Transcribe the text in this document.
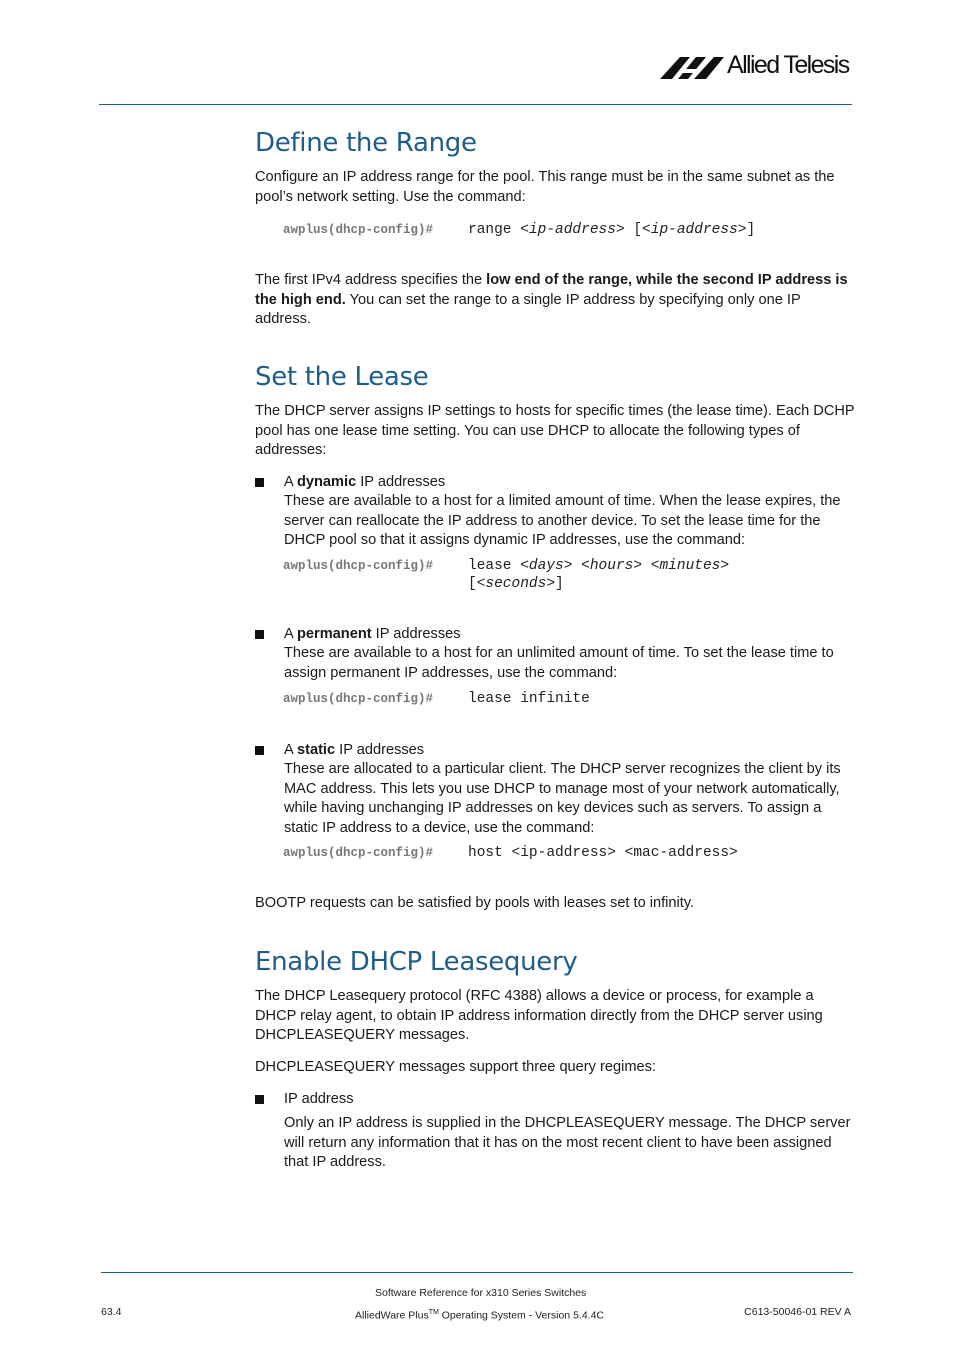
Allied Telesis
Define the Range

Configure an IP address range for the pool. This range must be in the same subnet as the pool’s network setting. Use the command:

awplus(dhcp-config)# range <ip-address> [<ip-address>]

The first IPv4 address specifies the low end of the range, while the second IP address is the high end. You can set the range to a single IP address by specifying only one IP address.

Set the Lease

The DHCP server assigns IP settings to hosts for specific times (the lease time). Each DCHP pool has one lease time setting. You can use DHCP to allocate the following types of addresses:

A dynamic IP addresses

These are available to a host for a limited amount of time. When the lease expires, the server can reallocate the IP address to another device. To set the lease time for the DHCP pool so that it assigns dynamic IP addresses, use the command:

awplus(dhcp-config)# lease <days> <hours> <minutes>
[<seconds>]

A permanent IP addresses

These are available to a host for an unlimited amount of time. To set the lease time to assign permanent IP addresses, use the command:

awplus(dhcp-config)# lease infinite

A static IP addresses

These are allocated to a particular client. The DHCP server recognizes the client by its MAC address. This lets you use DHCP to manage most of your network automatically, while having unchanging IP addresses on key devices such as servers. To assign a static IP address to a device, use the command:

awplus(dhcp-config)# host <ip-address> <mac-address>

BOOTP requests can be satisfied by pools with leases set to infinity.

Enable DHCP Leasequery

The DHCP Leasequery protocol (RFC 4388) allows a device or process, for example a DHCP relay agent, to obtain IP address information directly from the DHCP server using DHCPLEASEQUERY messages.

DHCPLEASEQUERY messages support three query regimes:

IP address

Only an IP address is supplied in the DHCPLEASEQUERY message. The DHCP server will return any information that it has on the most recent client to have been assigned that IP address.

Software Reference for x310 Series Switches
AlliedWare Plus™ Operating System - Version 5.4.4C
63.4	C613-50046-01 REV A
